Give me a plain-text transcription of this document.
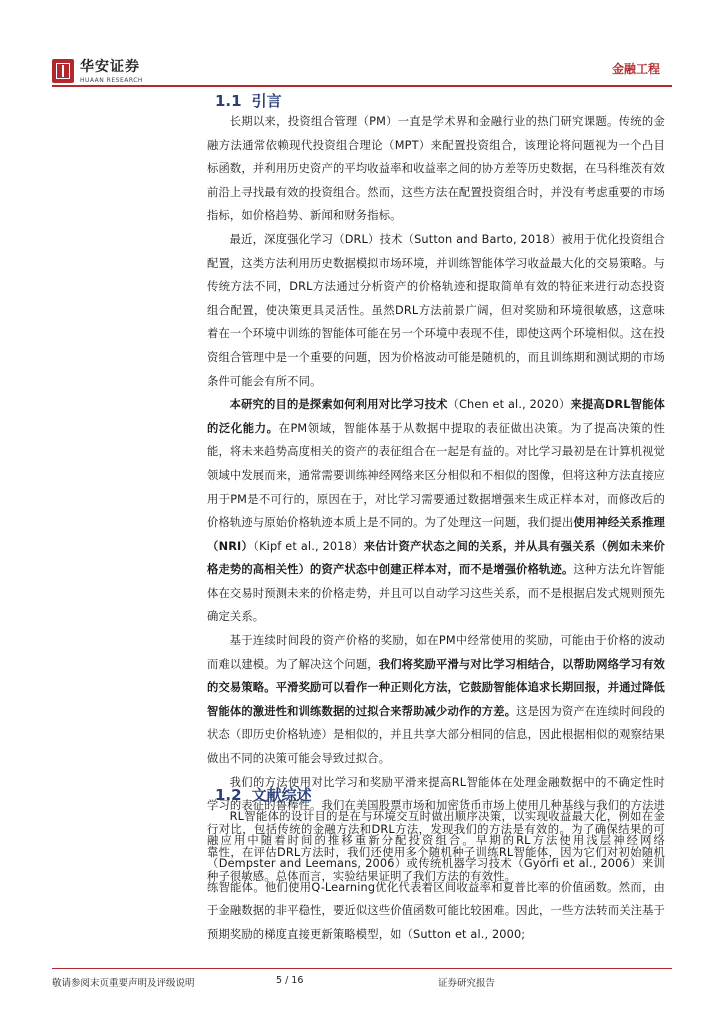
华安证券
HUAAN RESEARCH
金融工程
1.1 引言

长期以来，投资组合管理（PM）一直是学术界和金融行业的热门研究课题。传统的金融方法通常依赖现代投资组合理论（MPT）来配置投资组合，该理论将问题视为一个凸目标函数，并利用历史资产的平均收益率和收益率之间的协方差等历史数据，在马科维茨有效前沿上寻找最有效的投资组合。然而，这些方法在配置投资组合时，并没有考虑重要的市场指标，如价格趋势、新闻和财务指标。

最近，深度强化学习（DRL）技术（Sutton and Barto, 2018）被用于优化投资组合配置，这类方法利用历史数据模拟市场环境，并训练智能体学习收益最大化的交易策略。与传统方法不同，DRL方法通过分析资产的价格轨迹和提取简单有效的特征来进行动态投资组合配置，使决策更具灵活性。虽然DRL方法前景广阔，但对奖励和环境很敏感，这意味着在一个环境中训练的智能体可能在另一个环境中表现不佳，即使这两个环境相似。这在投资组合管理中是一个重要的问题，因为价格波动可能是随机的，而且训练期和测试期的市场条件可能会有所不同。

本研究的目的是探索如何利用对比学习技术（Chen et al., 2020）来提高DRL智能体的泛化能力。在PM领域，智能体基于从数据中提取的表征做出决策。为了提高决策的性能，将未来趋势高度相关的资产的表征组合在一起是有益的。对比学习最初是在计算机视觉领域中发展而来，通常需要训练神经网络来区分相似和不相似的图像，但将这种方法直接应用于PM是不可行的，原因在于，对比学习需要通过数据增强来生成正样本对，而修改后的价格轨迹与原始价格轨迹本质上是不同的。为了处理这一问题，我们提出使用神经关系推理（NRI）（Kipf et al., 2018）来估计资产状态之间的关系，并从具有强关系（例如未来价格走势的高相关性）的资产状态中创建正样本对，而不是增强价格轨迹。这种方法允许智能体在交易时预测未来的价格走势，并且可以自动学习这些关系，而不是根据启发式规则预先确定关系。

基于连续时间段的资产价格的奖励，如在PM中经常使用的奖励，可能由于价格的波动而难以建模。为了解决这个问题，我们将奖励平滑与对比学习相结合，以帮助网络学习有效的交易策略。平滑奖励可以看作一种正则化方法，它鼓励智能体追求长期回报，并通过降低智能体的激进性和训练数据的过拟合来帮助减少动作的方差。这是因为资产在连续时间段的状态（即历史价格轨迹）是相似的，并且共享大部分相同的信息，因此根据相似的观察结果做出不同的决策可能会导致过拟合。

我们的方法使用对比学习和奖励平滑来提高RL智能体在处理金融数据中的不确定性时学习的表征的鲁棒性。我们在美国股票市场和加密货币市场上使用几种基线与我们的方法进行对比，包括传统的金融方法和DRL方法，发现我们的方法是有效的。为了确保结果的可靠性，在评估DRL方法时，我们还使用多个随机种子训练RL智能体，因为它们对初始随机种子很敏感。总体而言，实验结果证明了我们方法的有效性。

1.2 文献综述

RL智能体的设计目的是在与环境交互时做出顺序决策，以实现收益最大化，例如在金融应用中随着时间的推移重新分配投资组合。早期的RL方法使用浅层神经网络（Dempster and Leemans, 2006）或传统机器学习技术（Györfi et al., 2006）来训练智能体。他们使用Q-Learning优化代表着区间收益率和夏普比率的价值函数。然而，由于金融数据的非平稳性，要近似这些价值函数可能比较困难。因此，一些方法转而关注基于预期奖励的梯度直接更新策略模型，如（Sutton et al., 2000;

敬请参阅末页重要声明及评级说明	5 / 16	证券研究报告
